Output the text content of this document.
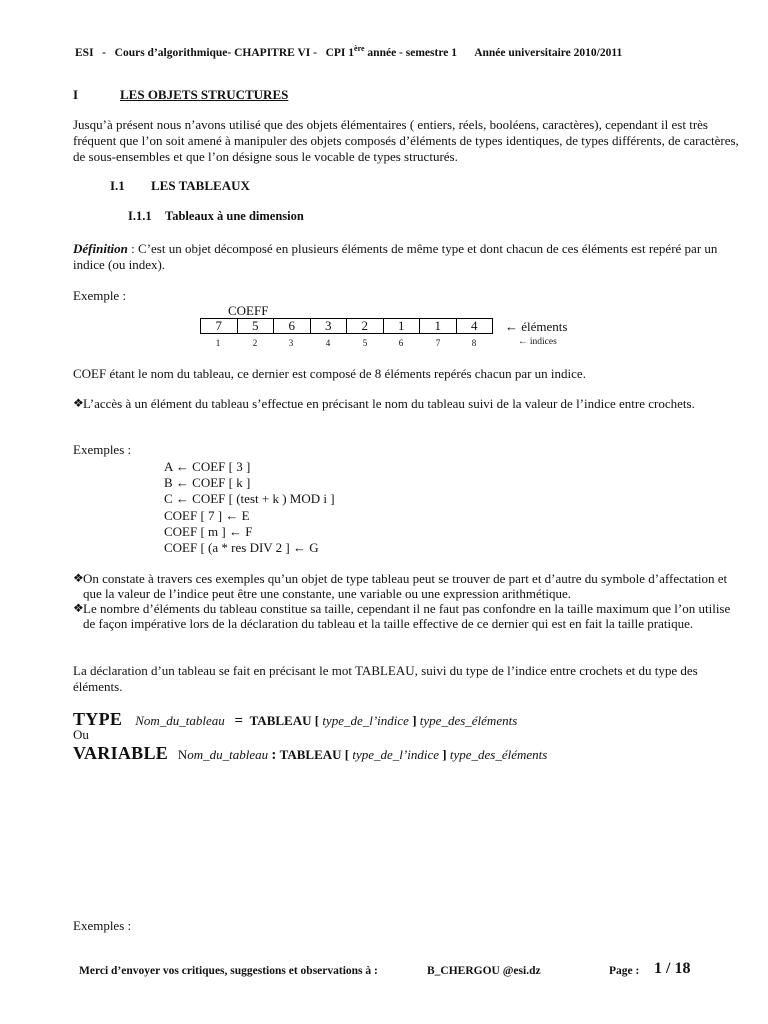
ESI - Cours d’algorithmique- CHAPITRE VI - CPI 1ère année - semestre 1 Année universitaire 2010/2011
I	LES OBJETS STRUCTURES
Jusqu’à présent nous n’avons utilisé que des objets élémentaires ( entiers, réels, booléens, caractères), cependant il est très fréquent que l’on soit amené à manipuler des objets composés d’éléments de types identiques, de types différents, de caractères, de sous-ensembles et que l’on désigne sous le vocable de types structurés.
I.1 LES TABLEAUX
I.1.1 Tableaux à une dimension
Définition : C’est un objet décomposé en plusieurs éléments de même type et dont chacun de ces éléments est repéré par un indice (ou index).
Exemple :
COEFF
7	5	6	3	2	1	1	4 ← éléments
1	2	3	4	5	6	7	8	← indices
COEF étant le nom du tableau, ce dernier est composé de 8 éléments repérés chacun par un indice.
❖ L’accès à un élément du tableau s’effectue en précisant le nom du tableau suivi de la valeur de l’indice entre crochets.
Exemples :
A ← COEF [ 3 ]
B ← COEF [ k ]
C ← COEF [ (test + k ) MOD i ]
COEF [ 7 ] ← E
COEF [ m ] ← F
COEF [ (a * res DIV 2 ] ← G
❖ On constate à travers ces exemples qu’un objet de type tableau peut se trouver de part et d’autre du symbole d’affectation et que la valeur de l’indice peut être une constante, une variable ou une expression arithmétique.
❖ Le nombre d’éléments du tableau constitue sa taille, cependant il ne faut pas confondre en la taille maximum que l’on utilise de façon impérative lors de la déclaration du tableau et la taille effective de ce dernier qui est en fait la taille pratique.
La déclaration d’un tableau se fait en précisant le mot TABLEAU, suivi du type de l’indice entre crochets et du type des éléments.
TYPE Nom_du_tableau = TABLEAU [ type_de_l’indice ] type_des_éléments
Ou
VARIABLE Nom_du_tableau : TABLEAU [ type_de_l’indice ] type_des_éléments
Exemples :
Merci d’envoyer vos critiques, suggestions et observations à :	B_CHERGOU @esi.dz	Page : 1 / 18
